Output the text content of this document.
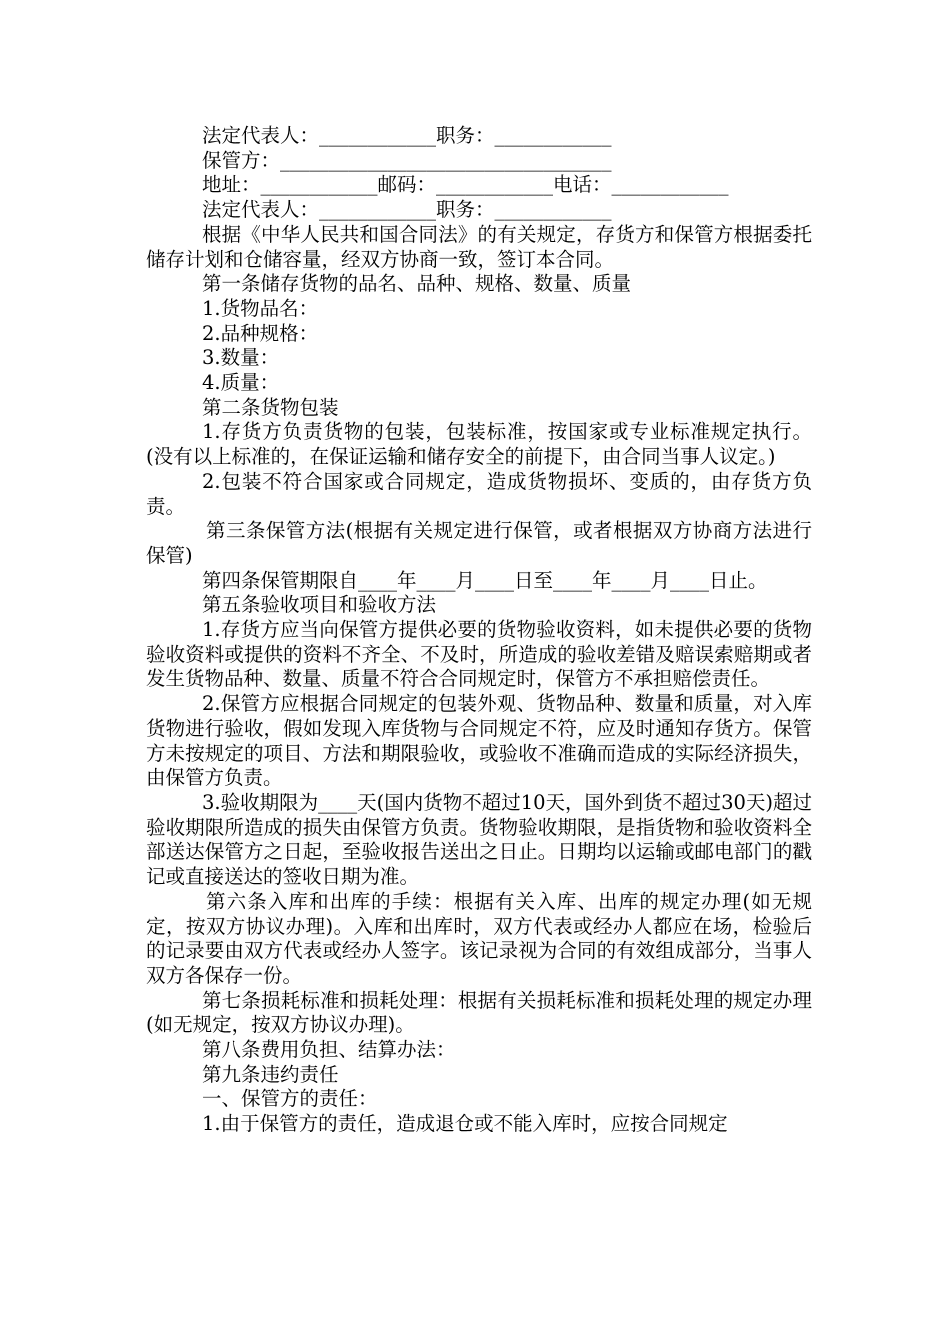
法定代表人：____________职务：____________

保管方：__________________________________

地址：____________邮码：____________电话：____________

法定代表人：____________职务：____________

根据《中华人民共和国合同法》的有关规定，存货方和保管方根据委托储存计划和仓储容量，经双方协商一致，签订本合同。

第一条储存货物的品名、品种、规格、数量、质量

1.货物品名：

2.品种规格：

3.数量：

4.质量：

第二条货物包装

1.存货方负责货物的包装，包装标准，按国家或专业标准规定执行。(没有以上标准的，在保证运输和储存安全的前提下，由合同当事人议定。)

2.包装不符合国家或合同规定，造成货物损坏、变质的，由存货方负责。

第三条保管方法(根据有关规定进行保管，或者根据双方协商方法进行保管)

第四条保管期限自____年____月____日至____年____月____日止。

第五条验收项目和验收方法

1.存货方应当向保管方提供必要的货物验收资料，如未提供必要的货物验收资料或提供的资料不齐全、不及时，所造成的验收差错及赔误索赔期或者发生货物品种、数量、质量不符合合同规定时，保管方不承担赔偿责任。

2.保管方应根据合同规定的包装外观、货物品种、数量和质量，对入库货物进行验收，假如发现入库货物与合同规定不符，应及时通知存货方。保管方未按规定的项目、方法和期限验收，或验收不准确而造成的实际经济损失，由保管方负责。

3.验收期限为____天(国内货物不超过10天，国外到货不超过30天)超过验收期限所造成的损失由保管方负责。货物验收期限，是指货物和验收资料全部送达保管方之日起，至验收报告送出之日止。日期均以运输或邮电部门的戳记或直接送达的签收日期为准。

第六条入库和出库的手续：根据有关入库、出库的规定办理(如无规定，按双方协议办理)。入库和出库时，双方代表或经办人都应在场，检验后的记录要由双方代表或经办人签字。该记录视为合同的有效组成部分，当事人双方各保存一份。

第七条损耗标准和损耗处理：根据有关损耗标准和损耗处理的规定办理(如无规定，按双方协议办理)。

第八条费用负担、结算办法：

第九条违约责任

一、保管方的责任：

1.由于保管方的责任，造成退仓或不能入库时，应按合同规定
